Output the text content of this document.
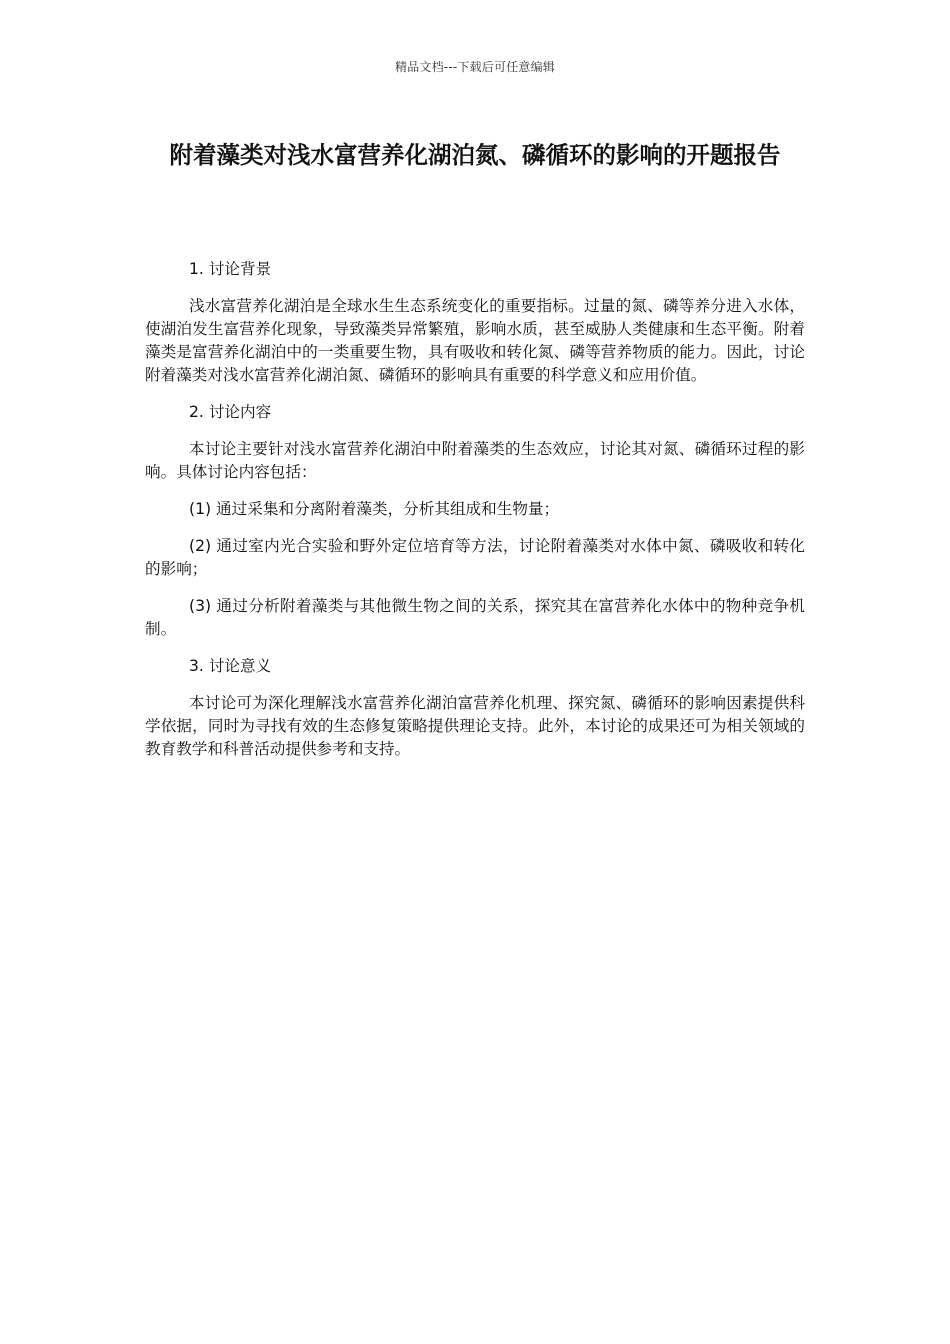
精品文档---下载后可任意编辑
附着藻类对浅水富营养化湖泊氮、磷循环的影响的开题报告

1. 讨论背景

浅水富营养化湖泊是全球水生生态系统变化的重要指标。过量的氮、磷等养分进入水体，使湖泊发生富营养化现象，导致藻类异常繁殖，影响水质，甚至威胁人类健康和生态平衡。附着藻类是富营养化湖泊中的一类重要生物，具有吸收和转化氮、磷等营养物质的能力。因此，讨论附着藻类对浅水富营养化湖泊氮、磷循环的影响具有重要的科学意义和应用价值。

2. 讨论内容

本讨论主要针对浅水富营养化湖泊中附着藻类的生态效应，讨论其对氮、磷循环过程的影响。具体讨论内容包括：

(1) 通过采集和分离附着藻类，分析其组成和生物量；

(2) 通过室内光合实验和野外定位培育等方法，讨论附着藻类对水体中氮、磷吸收和转化的影响；

(3) 通过分析附着藻类与其他微生物之间的关系，探究其在富营养化水体中的物种竞争机制。

3. 讨论意义

本讨论可为深化理解浅水富营养化湖泊富营养化机理、探究氮、磷循环的影响因素提供科学依据，同时为寻找有效的生态修复策略提供理论支持。此外，本讨论的成果还可为相关领域的教育教学和科普活动提供参考和支持。
